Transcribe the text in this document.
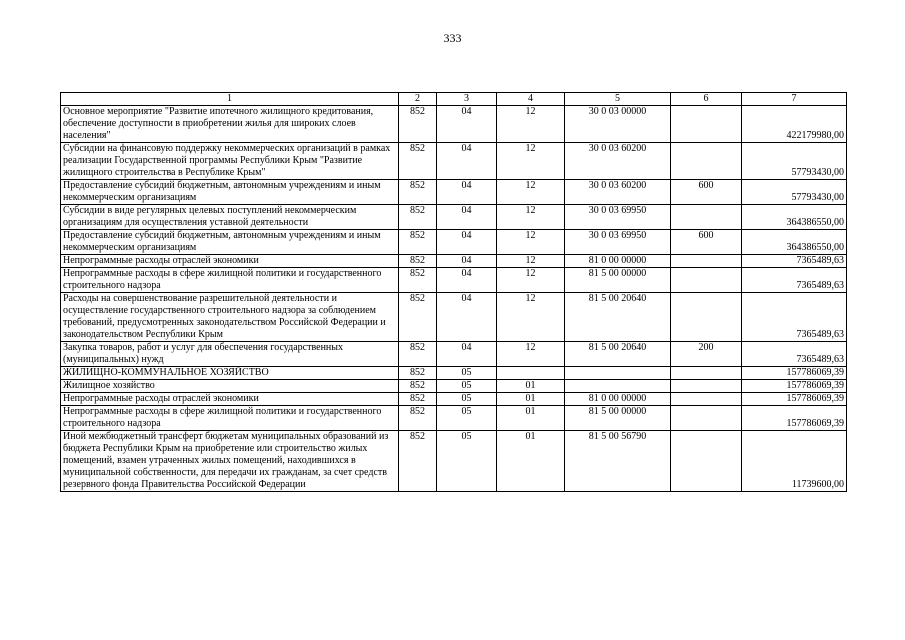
333
1	2	3	4	5	6	7
Основное мероприятие "Развитие ипотечного жилищного кредитования, обеспечение доступности в приобретении жилья для широких слоев населения"	852	04	12	30 0 03 00000		422179980,00
Субсидии на финансовую поддержку некоммерческих организаций в рамках реализации Государственной программы Республики Крым "Развитие жилищного строительства в Республике Крым"	852	04	12	30 0 03 60200		57793430,00
Предоставление субсидий бюджетным, автономным учреждениям и иным некоммерческим организациям	852	04	12	30 0 03 60200	600	57793430,00
Субсидии в виде регулярных целевых поступлений некоммерческим организациям для осуществления уставной деятельности	852	04	12	30 0 03 69950		364386550,00
Предоставление субсидий бюджетным, автономным учреждениям и иным некоммерческим организациям	852	04	12	30 0 03 69950	600	364386550,00
Непрограммные расходы отраслей экономики	852	04	12	81 0 00 00000		7365489,63
Непрограммные расходы в сфере жилищной политики и государственного строительного надзора	852	04	12	81 5 00 00000		7365489,63
Расходы на совершенствование разрешительной деятельности и осуществление государственного строительного надзора за соблюдением требований, предусмотренных законодательством Российской Федерации и законодательством Республики Крым	852	04	12	81 5 00 20640		7365489,63
Закупка товаров, работ и услуг для обеспечения государственных (муниципальных) нужд	852	04	12	81 5 00 20640	200	7365489,63
ЖИЛИЩНО-КОММУНАЛЬНОЕ ХОЗЯЙСТВО	852	05				157786069,39
Жилищное хозяйство	852	05	01			157786069,39
Непрограммные расходы отраслей экономики	852	05	01	81 0 00 00000		157786069,39
Непрограммные расходы в сфере жилищной политики и государственного строительного надзора	852	05	01	81 5 00 00000		157786069,39
Иной межбюджетный трансферт бюджетам муниципальных образований из бюджета Республики Крым на приобретение или строительство жилых помещений, взамен утраченных жилых помещений, находившихся в муниципальной собственности, для передачи их гражданам, за счет средств резервного фонда Правительства Российской Федерации	852	05	01	81 5 00 56790		11739600,00
